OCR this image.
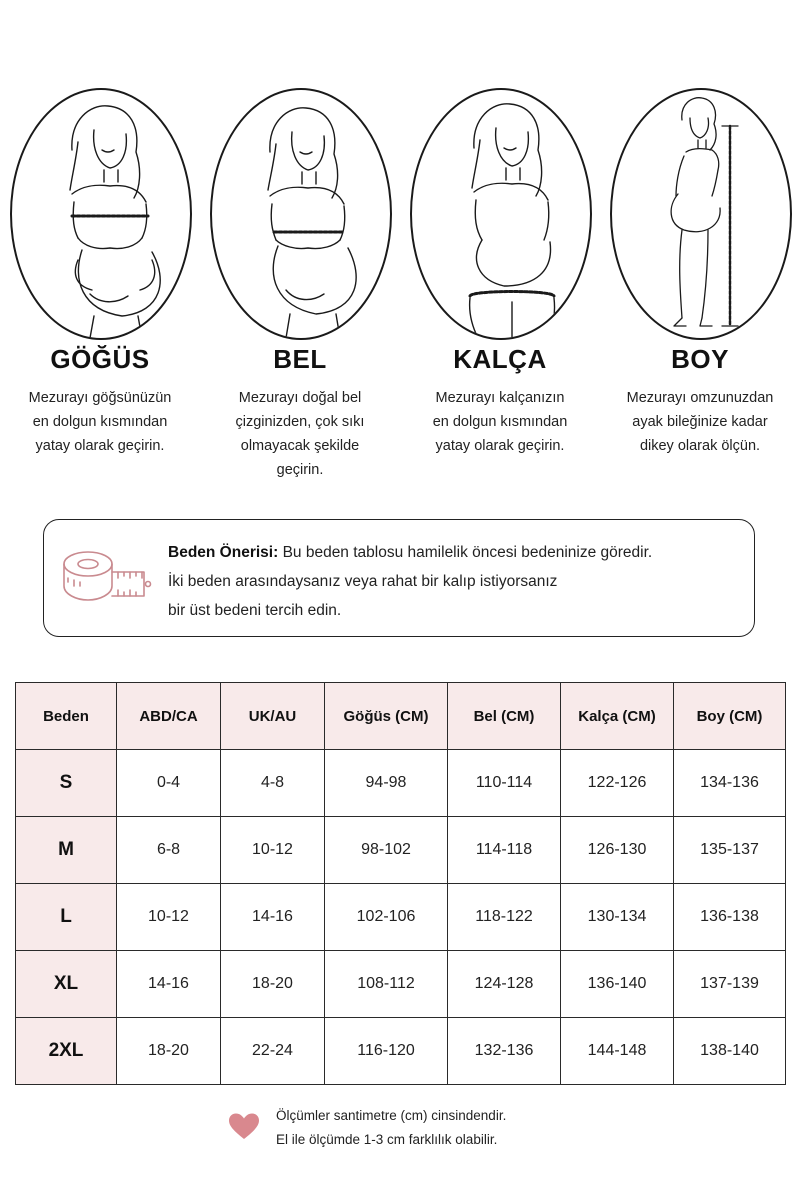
GÖĞÜS
Mezurayı göğsünüzün
en dolgun kısmından
yatay olarak geçirin.
BEL
Mezurayı doğal bel
çizginizden, çok sıkı
olmayacak şekilde
geçirin.
KALÇA
Mezurayı kalçanızın
en dolgun kısmından
yatay olarak geçirin.
BOY
Mezurayı omzunuzdan
ayak bileğinize kadar
dikey olarak ölçün.
Beden Önerisi: Bu beden tablosu hamilelik öncesi bedeninize göredir.
İki beden arasındaysanız veya rahat bir kalıp istiyorsanız
bir üst bedeni tercih edin.
Beden	ABD/CA	UK/AU	Göğüs (CM)	Bel (CM)	Kalça (CM)	Boy (CM)
S	0-4	4-8	94-98	110-114	122-126	134-136
M	6-8	10-12	98-102	114-118	126-130	135-137
L	10-12	14-16	102-106	118-122	130-134	136-138
XL	14-16	18-20	108-112	124-128	136-140	137-139
2XL	18-20	22-24	116-120	132-136	144-148	138-140
Ölçümler santimetre (cm) cinsindendir.
El ile ölçümde 1-3 cm farklılık olabilir.
